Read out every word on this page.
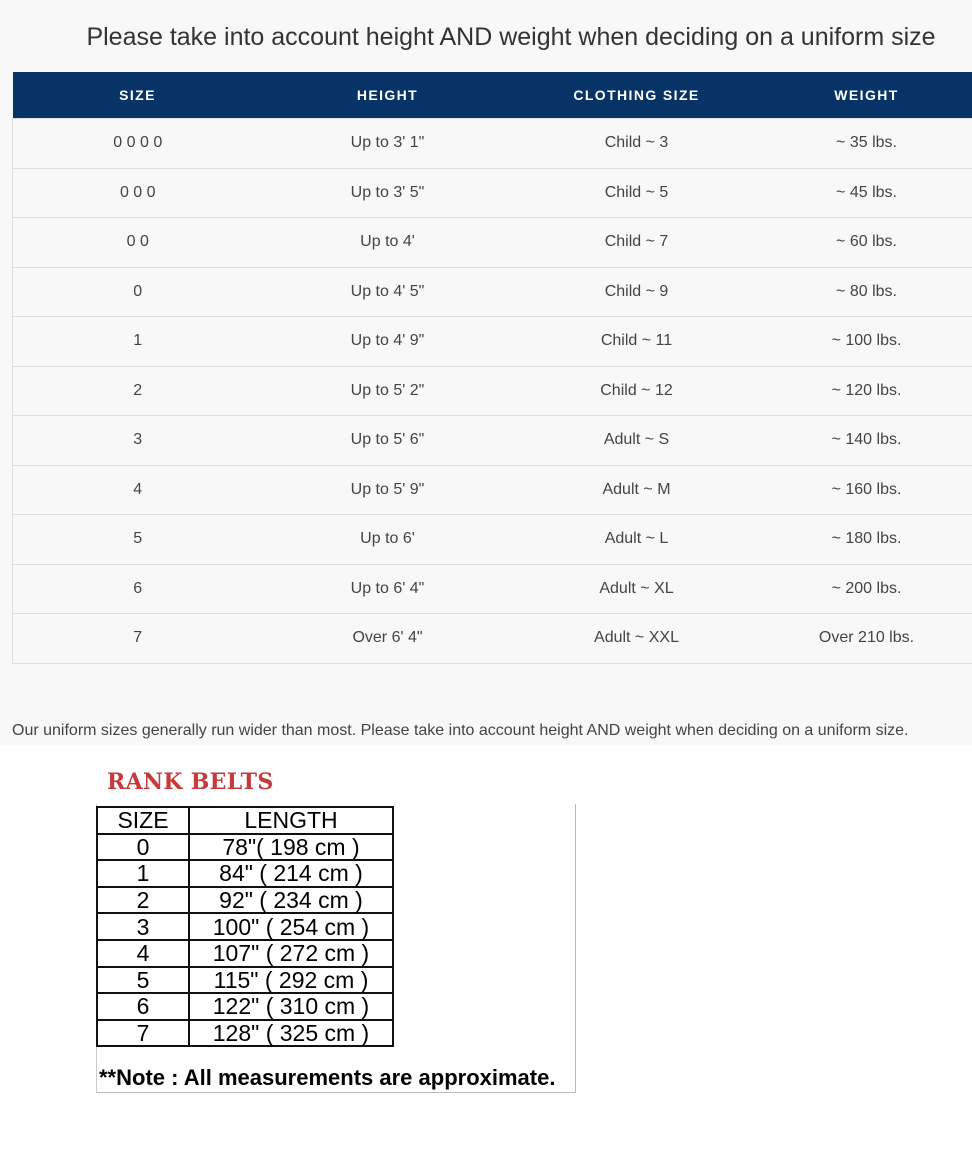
Please take into account height AND weight when deciding on a uniform size
SIZE	HEIGHT	CLOTHING SIZE	WEIGHT
0 0 0 0	Up to 3' 1"	Child ~ 3	~ 35 lbs.
0 0 0	Up to 3' 5"	Child ~ 5	~ 45 lbs.
0 0	Up to 4'	Child ~ 7	~ 60 lbs.
0	Up to 4' 5"	Child ~ 9	~ 80 lbs.
1	Up to 4' 9"	Child ~ 11	~ 100 lbs.
2	Up to 5' 2"	Child ~ 12	~ 120 lbs.
3	Up to 5' 6"	Adult ~ S	~ 140 lbs.
4	Up to 5' 9"	Adult ~ M	~ 160 lbs.
5	Up to 6'	Adult ~ L	~ 180 lbs.
6	Up to 6' 4"	Adult ~ XL	~ 200 lbs.
7	Over 6' 4"	Adult ~ XXL	Over 210 lbs.
Our uniform sizes generally run wider than most. Please take into account height AND weight when deciding on a uniform size.
RANK BELTS
SIZE	LENGTH
0	78"( 198 cm )
1	84" ( 214 cm )
2	92" ( 234 cm )
3	100" ( 254 cm )
4	107" ( 272 cm )
5	115" ( 292 cm )
6	122" ( 310 cm )
7	128" ( 325 cm )
**Note : All measurements are approximate.
